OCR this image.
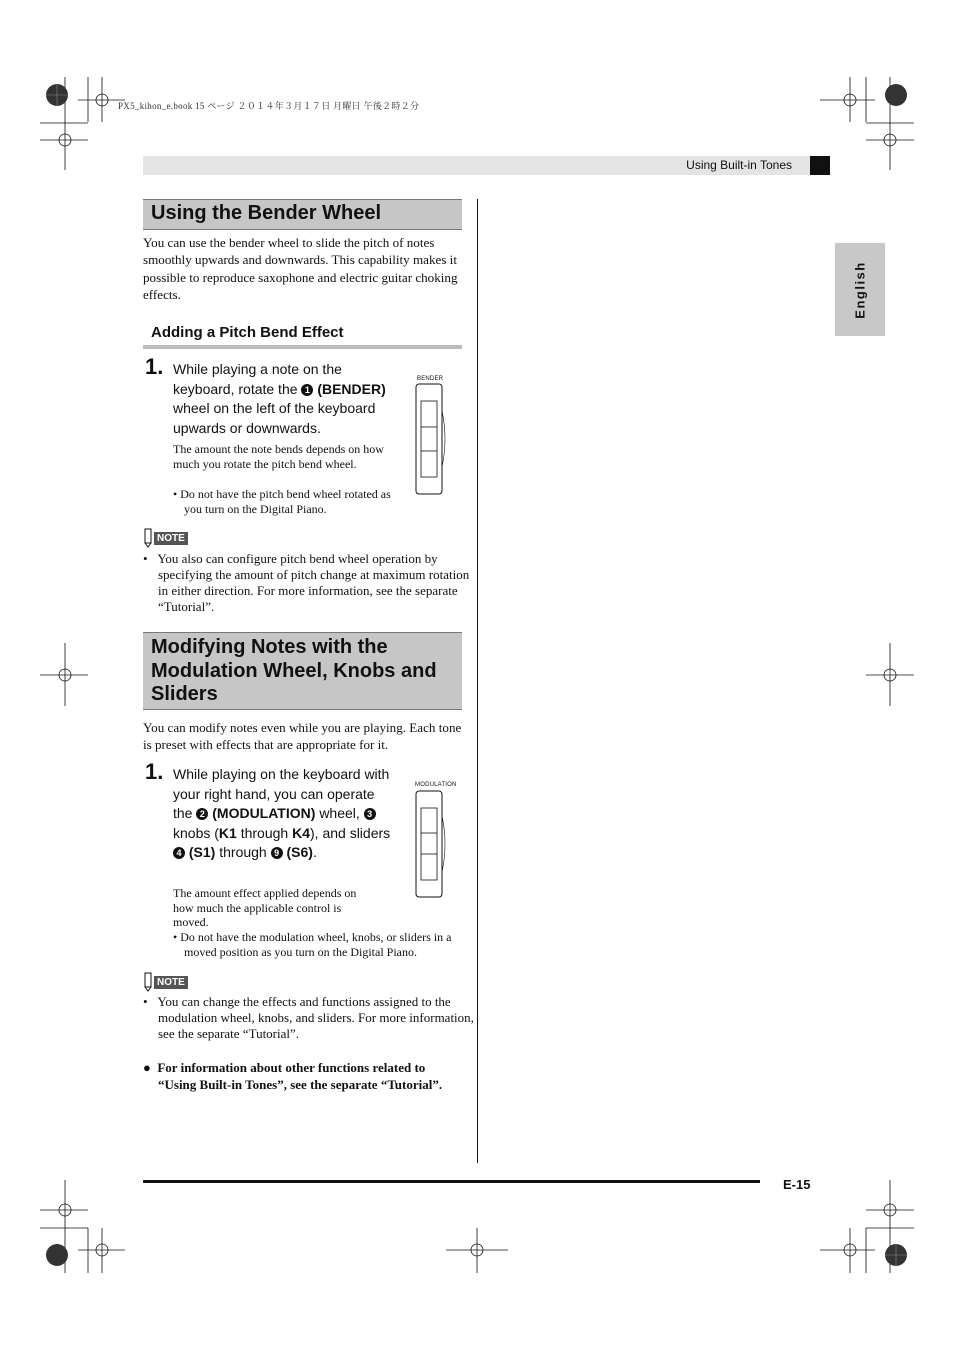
PX5_kihon_e.book 15 ページ ２０１４年３月１７日 月曜日 午後２時２分
Using Built-in Tones
English
Using the Bender Wheel
You can use the bender wheel to slide the pitch of notes smoothly upwards and downwards. This capability makes it possible to reproduce saxophone and electric guitar choking effects.
Adding a Pitch Bend Effect
1. While playing a note on the keyboard, rotate the 1 (BENDER) wheel on the left of the keyboard upwards or downwards.
The amount the note bends depends on how much you rotate the pitch bend wheel.
• Do not have the pitch bend wheel rotated as you turn on the Digital Piano.
BENDER
NOTE
•   You also can configure pitch bend wheel operation by specifying the amount of pitch change at maximum rotation in either direction. For more information, see the separate “Tutorial”.
Modifying Notes with the Modulation Wheel, Knobs and Sliders
You can modify notes even while you are playing. Each tone is preset with effects that are appropriate for it.
1. While playing on the keyboard with your right hand, you can operate the 2 (MODULATION) wheel, 3 knobs (K1 through K4), and sliders 4 (S1) through 9 (S6).
The amount effect applied depends on how much the applicable control is moved.
• Do not have the modulation wheel, knobs, or sliders in a moved position as you turn on the Digital Piano.
MODULATION
NOTE
•   You can change the effects and functions assigned to the modulation wheel, knobs, and sliders. For more information, see the separate “Tutorial”.
●  For information about other functions related to “Using Built-in Tones”, see the separate “Tutorial”.
E-15
